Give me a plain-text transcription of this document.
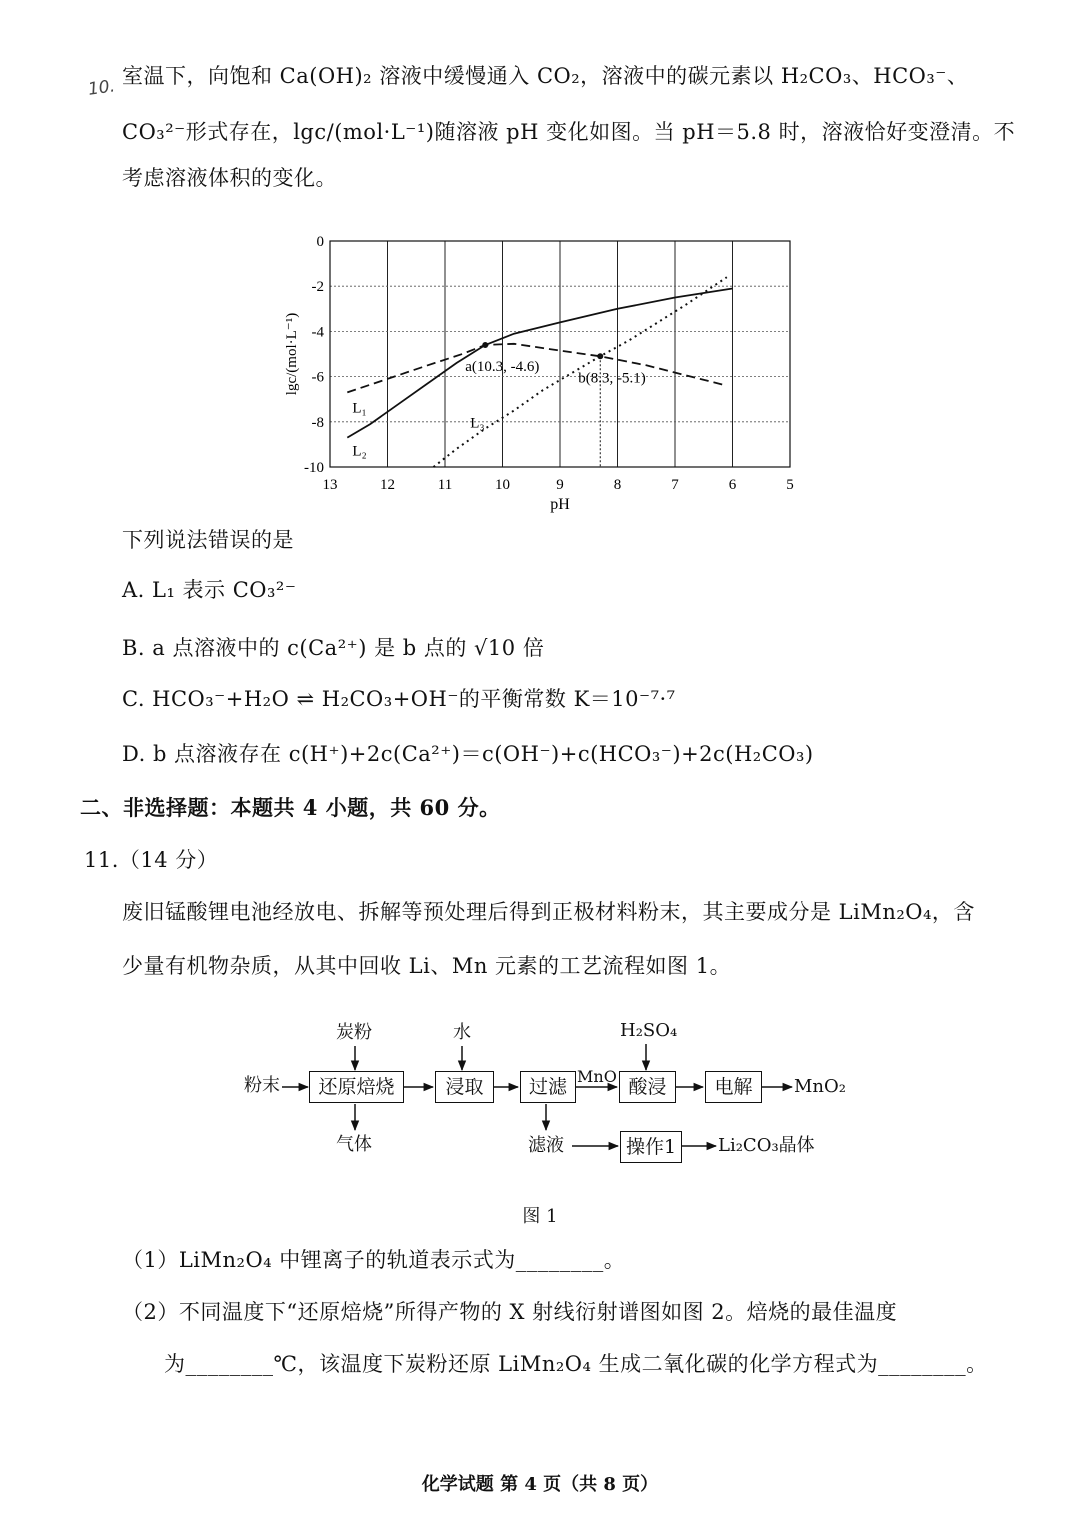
10. 室温下，向饱和 Ca(OH)₂ 溶液中缓慢通入 CO₂，溶液中的碳元素以 H₂CO₃、HCO₃⁻、
CO₃²⁻形式存在，lgc/(mol·L⁻¹)随溶液 pH 变化如图。当 pH＝5.8 时，溶液恰好变澄清。不
考虑溶液体积的变化。
13	12	11	10	9	8	7	6	5
0
-2
-4
-6
-8
-10
pH
lgc/(mol·L⁻¹)
L₁
L₂
L₃
a(10.3, -4.6)
b(8.3, -5.1)
下列说法错误的是
A. L₁ 表示 CO₃²⁻
B. a 点溶液中的 c(Ca²⁺) 是 b 点的 √10 倍
C. HCO₃⁻+H₂O ⇌ H₂CO₃+OH⁻的平衡常数 K＝10⁻⁷·⁷
D. b 点溶液存在 c(H⁺)+2c(Ca²⁺)＝c(OH⁻)+c(HCO₃⁻)+2c(H₂CO₃)
二、非选择题：本题共 4 小题，共 60 分。
11.（14 分）
废旧锰酸锂电池经放电、拆解等预处理后得到正极材料粉末，其主要成分是 LiMn₂O₄，含
少量有机物杂质，从其中回收 Li、Mn 元素的工艺流程如图 1。
粉末	还原焙烧	浸取	过滤	酸浸	电解
操作1
炭粉	水	H₂SO₄
气体
MnO
滤液
MnO₂
Li₂CO₃晶体
图 1
（1）LiMn₂O₄ 中锂离子的轨道表示式为________。
（2）不同温度下“还原焙烧”所得产物的 X 射线衍射谱图如图 2。焙烧的最佳温度
为________℃，该温度下炭粉还原 LiMn₂O₄ 生成二氧化碳的化学方程式为________。
化学试题 第 4 页（共 8 页）
